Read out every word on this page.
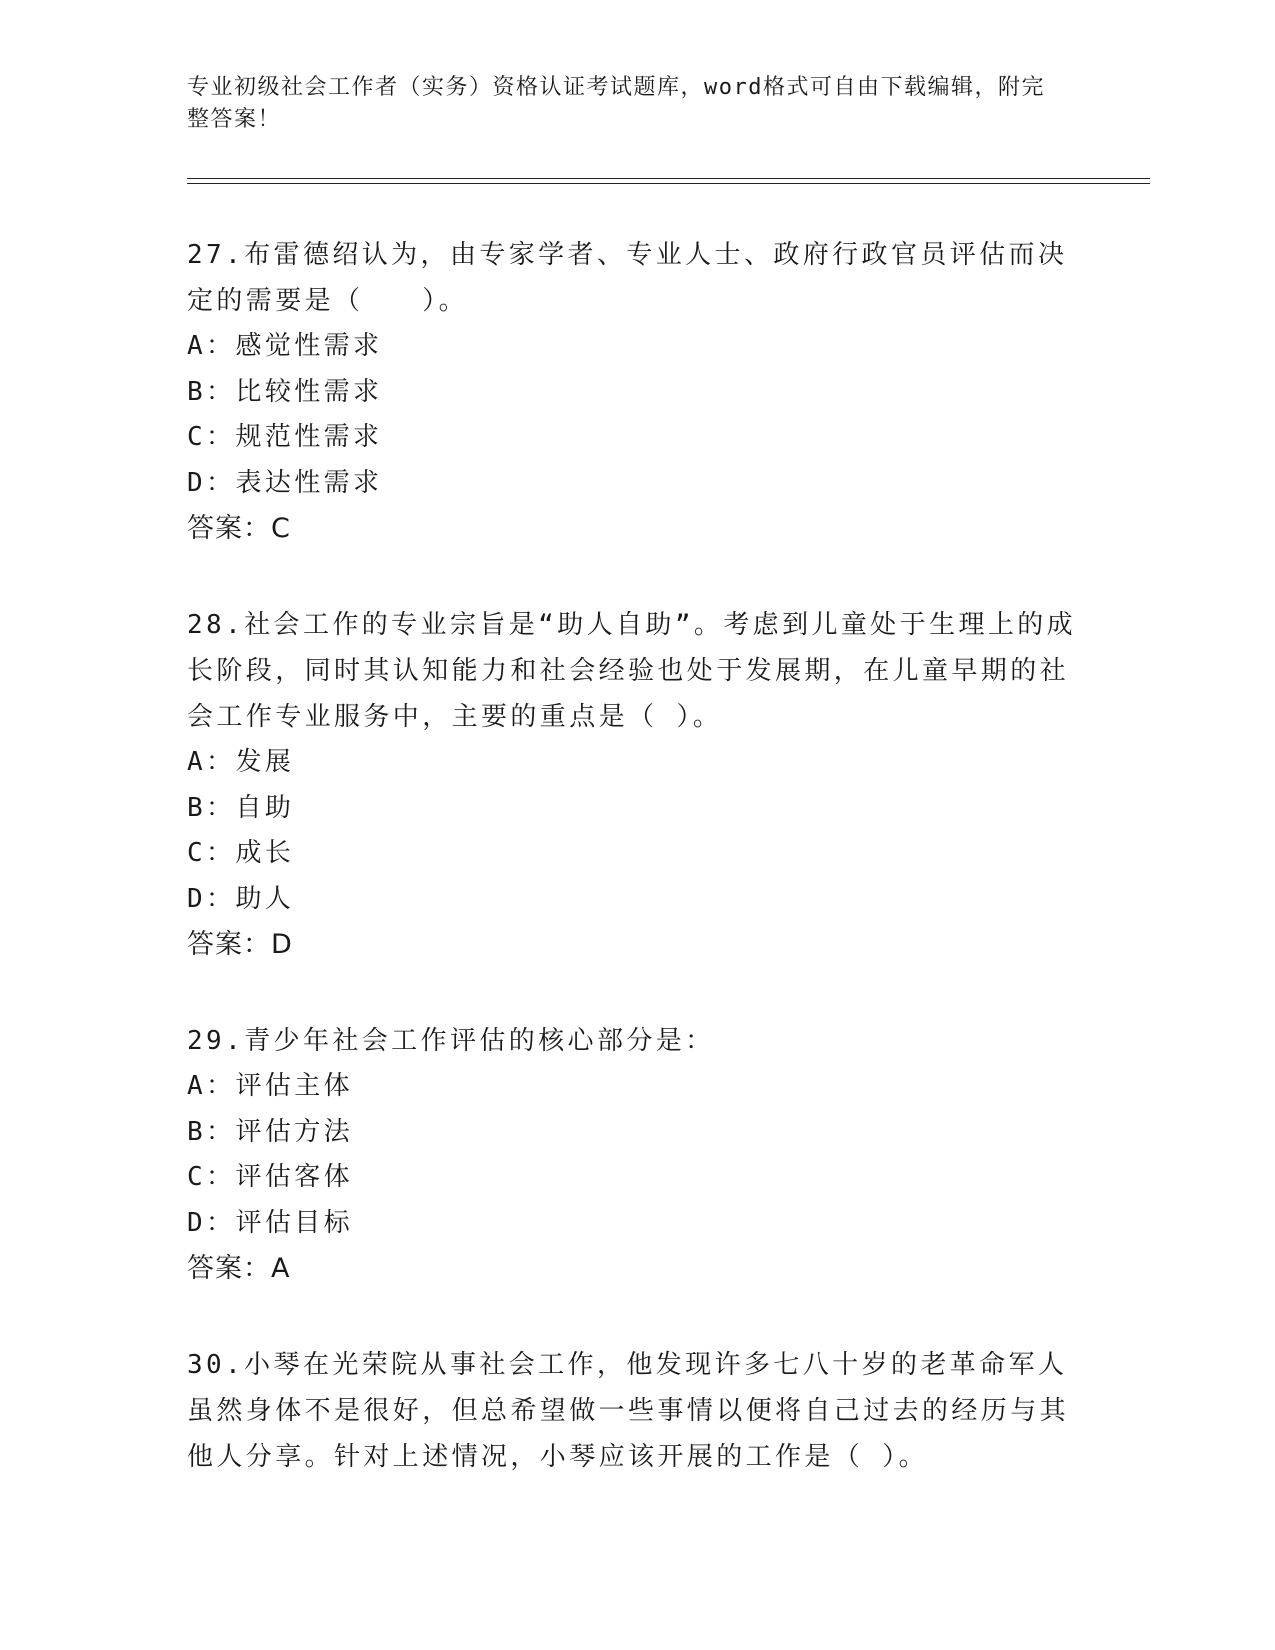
专业初级社会工作者（实务）资格认证考试题库，word格式可自由下载编辑，附完整答案！

27.布雷德绍认为，由专家学者、专业人士、政府行政官员评估而决定的需要是（　　）。

A：感觉性需求
B：比较性需求
C：规范性需求
D：表达性需求
答案：C

28.社会工作的专业宗旨是“助人自助”。考虑到儿童处于生理上的成长阶段，同时其认知能力和社会经验也处于发展期，在儿童早期的社会工作专业服务中，主要的重点是（ ）。

A：发展
B：自助
C：成长
D：助人
答案：D

29.青少年社会工作评估的核心部分是：

A：评估主体
B：评估方法
C：评估客体
D：评估目标
答案：A

30.小琴在光荣院从事社会工作，他发现许多七八十岁的老革命军人虽然身体不是很好，但总希望做一些事情以便将自己过去的经历与其他人分享。针对上述情况，小琴应该开展的工作是（ ）。
